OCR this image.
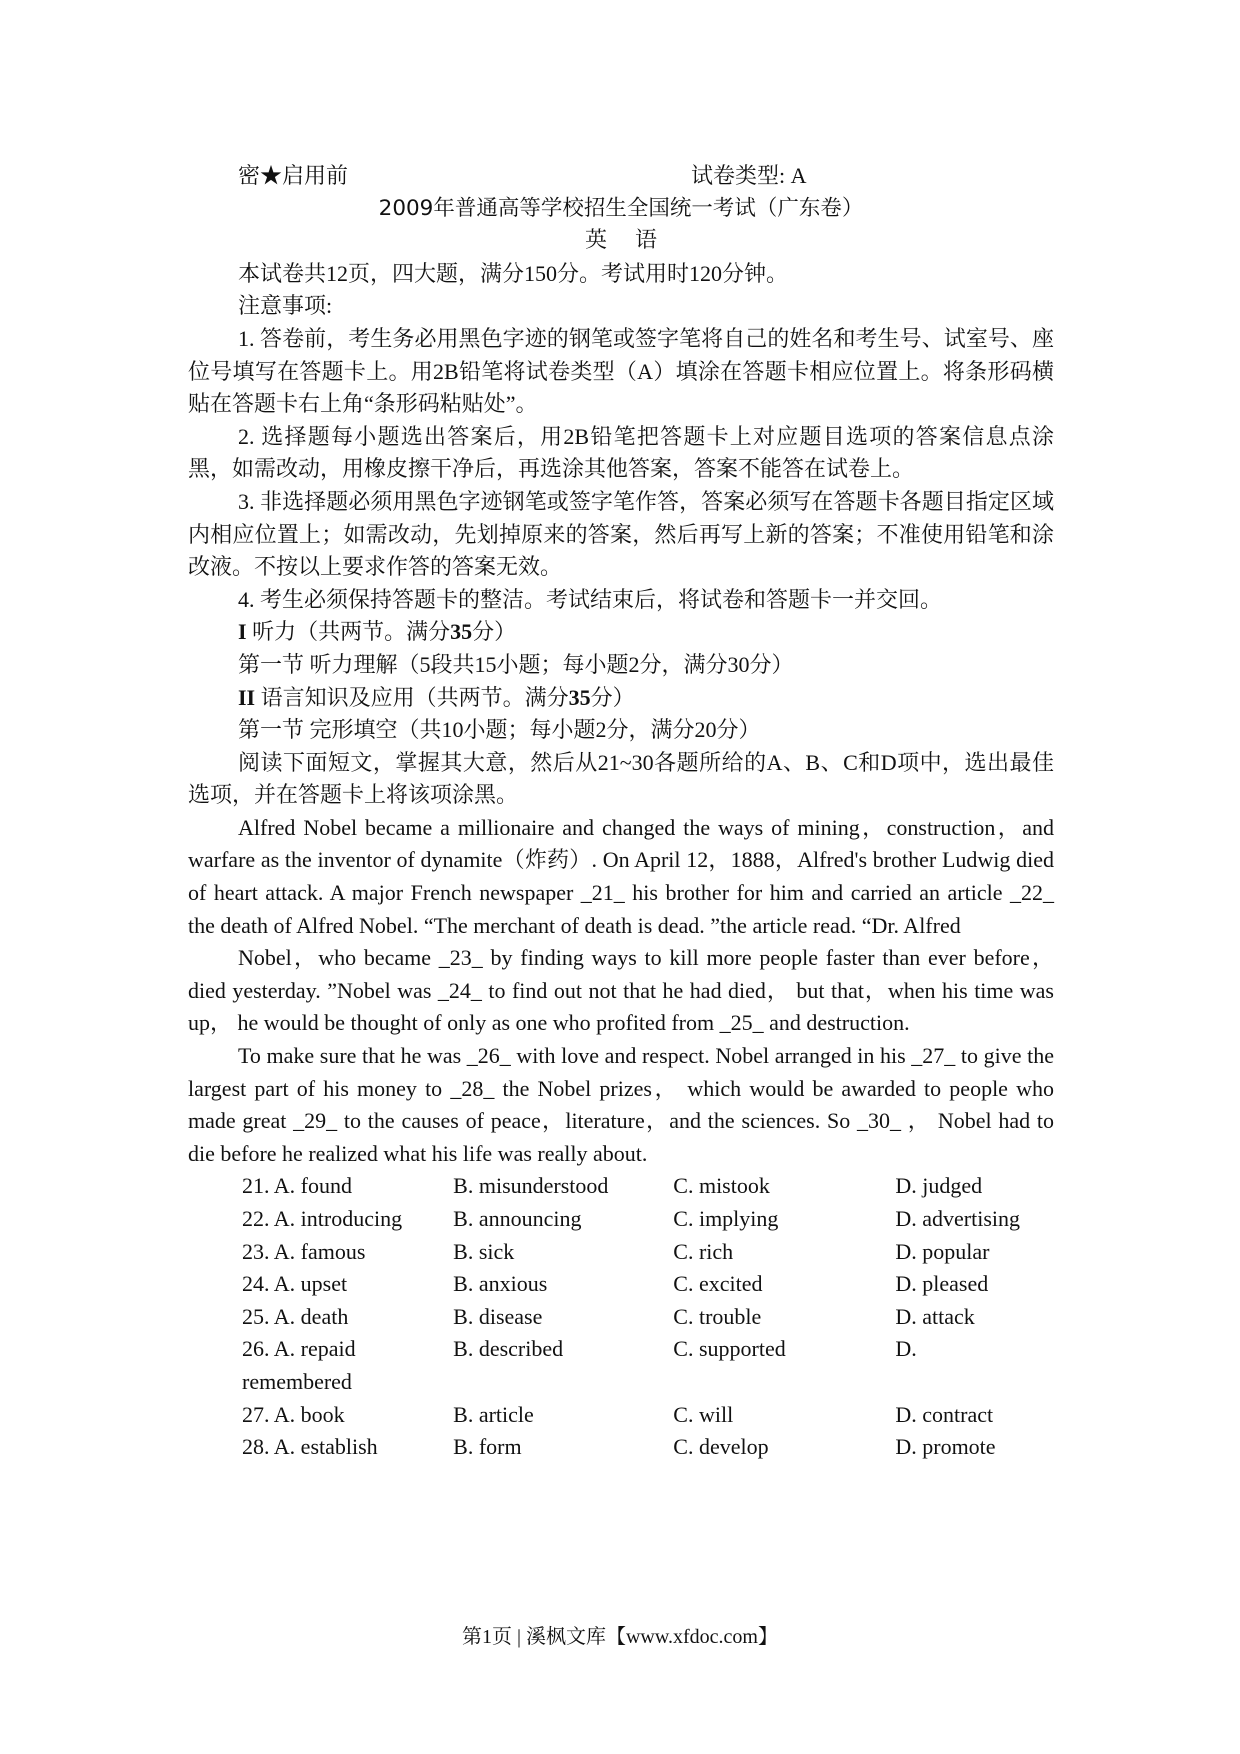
密★启用前	试卷类型: A
2009年普通高等学校招生全国统一考试（广东卷）
英语
本试卷共12页，四大题，满分150分。考试用时120分钟。
注意事项:
1. 答卷前，考生务必用黑色字迹的钢笔或签字笔将自己的姓名和考生号、试室号、座位号填写在答题卡上。用2B铅笔将试卷类型（A）填涂在答题卡相应位置上。将条形码横贴在答题卡右上角“条形码粘贴处”。
2. 选择题每小题选出答案后，用2B铅笔把答题卡上对应题目选项的答案信息点涂黑，如需改动，用橡皮擦干净后，再选涂其他答案，答案不能答在试卷上。
3. 非选择题必须用黑色字迹钢笔或签字笔作答，答案必须写在答题卡各题目指定区域内相应位置上；如需改动，先划掉原来的答案，然后再写上新的答案；不准使用铅笔和涂改液。不按以上要求作答的答案无效。
4. 考生必须保持答题卡的整洁。考试结束后，将试卷和答题卡一并交回。
I 听力（共两节。满分35分）
第一节 听力理解（5段共15小题；每小题2分，满分30分）
II 语言知识及应用（共两节。满分35分）
第一节 完形填空（共10小题；每小题2分，满分20分）
阅读下面短文，掌握其大意，然后从21~30各题所给的A、B、C和D项中，选出最佳选项，并在答题卡上将该项涂黑。
Alfred Nobel became a millionaire and changed the ways of mining，construction，and warfare as the inventor of dynamite（炸药）. On April 12，1888，Alfred's brother Ludwig died of heart attack. A major French newspaper _21_ his brother for him and carried an article _22_ the death of Alfred Nobel. “The merchant of death is dead. ”the article read. “Dr. Alfred
Nobel，who became _23_ by finding ways to kill more people faster than ever before， died yesterday. ”Nobel was _24_ to find out not that he had died， but that，when his time was up， he would be thought of only as one who profited from _25_ and destruction.
To make sure that he was _26_ with love and respect. Nobel arranged in his _27_ to give the largest part of his money to _28_ the Nobel prizes， which would be awarded to people who made great _29_ to the causes of peace，literature，and the sciences. So _30_ ， Nobel had to die before he realized what his life was really about.
21. A. found	B. misunderstood	C. mistook	D. judged
22. A. introducing	B. announcing	C. implying	D. advertising
23. A. famous	B. sick	C. rich	D. popular
24. A. upset	B. anxious	C. excited	D. pleased
25. A. death	B. disease	C. trouble	D. attack
26. A. repaid	B. described	C. supported	D.
remembered
27. A. book	B. article	C. will	D. contract
28. A. establish	B. form	C. develop	D. promote
第1页 | 溪枫文库【www.xfdoc.com】
